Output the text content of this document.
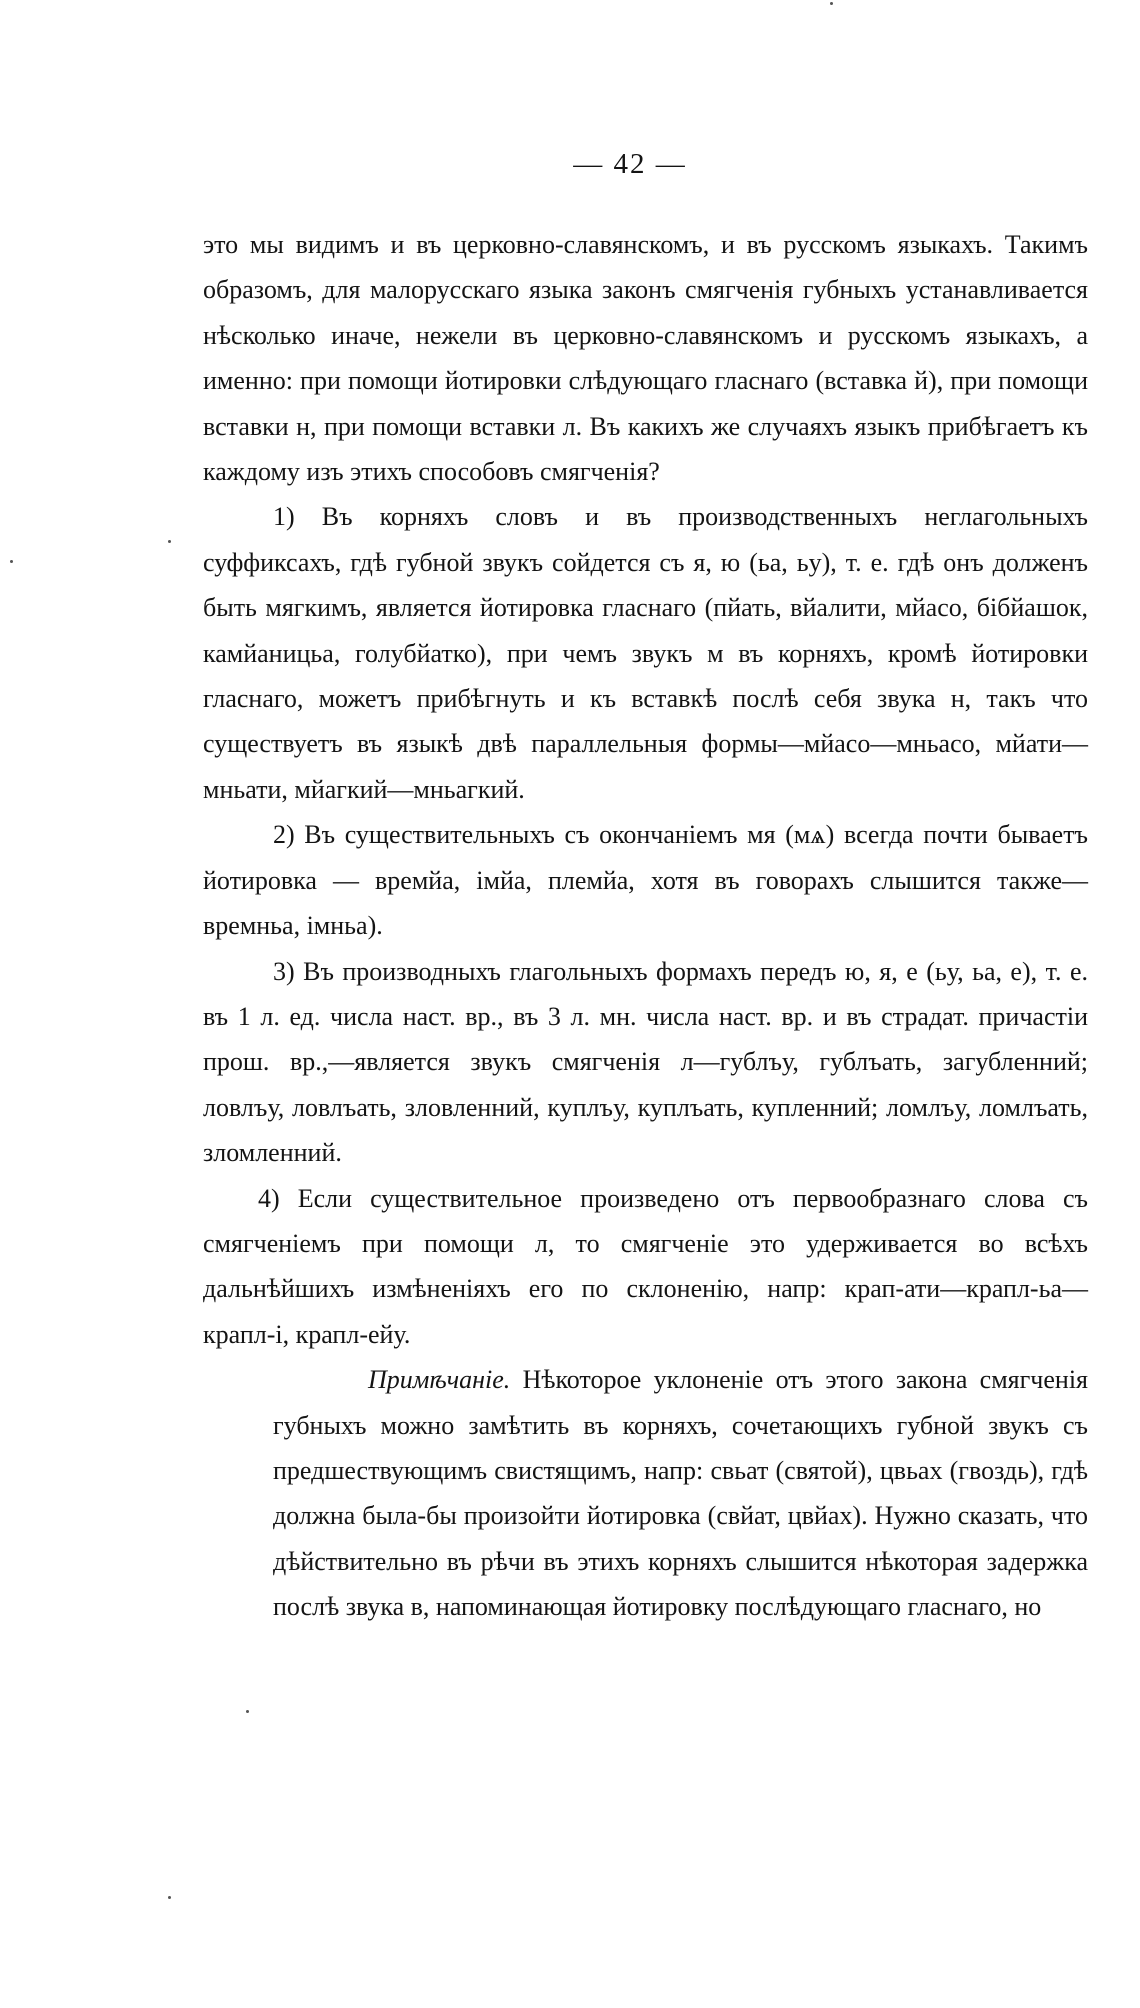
— 42 —

это мы видимъ и въ церковно-славянскомъ, и въ русскомъ языкахъ. Такимъ образомъ, для малорусскаго языка законъ смягченія губныхъ устанавливается нѣсколько иначе, нежели въ церковно-славянскомъ и русскомъ языкахъ, а именно: при помощи йотировки слѣдующаго гласнаго (вставка й), при помощи вставки н, при помощи вставки л. Въ какихъ же случаяхъ языкъ прибѣгаетъ къ каждому изъ этихъ способовъ смягченія?

1) Въ корняхъ словъ и въ производственныхъ неглагольныхъ суффиксахъ, гдѣ губной звукъ сойдется съ я, ю (ьа, ьу), т. е. гдѣ онъ долженъ быть мягкимъ, является йотировка гласнаго (пйать, вйалити, мйасо, бібйашок, камйаницьа, голубйатко), при чемъ звукъ м въ корняхъ, кромѣ йотировки гласнаго, можетъ прибѣгнуть и къ вставкѣ послѣ себя звука н, такъ что существуетъ въ языкѣ двѣ параллельныя формы—мйасо—мньасо, мйати—мньати, мйагкий—мньагкий.

2) Въ существительныхъ съ окончаніемъ мя (мѧ) всегда почти бываетъ йотировка — времйа, імйа, племйа, хотя въ говорахъ слышится также—времньа, імньа).

3) Въ производныхъ глагольныхъ формахъ передъ ю, я, е (ьу, ьа, е), т. е. въ 1 л. ед. числа наст. вр., въ 3 л. мн. числа наст. вр. и въ страдат. причастіи прош. вр.,—является звукъ смягченія л—гублъу, гублъать, загубленний; ловлъу, ловлъать, зловленний, куплъу, куплъать, купленний; ломлъу, ломлъать, зломленний.

4) Если существительное произведено отъ первообразнаго слова съ смягченіемъ при помощи л, то смягченіе это удерживается во всѣхъ дальнѣйшихъ измѣненіяхъ его по склоненію, напр: крап-ати—крапл-ьа—крапл-і, крапл-ейу.

Примѣчаніе. Нѣкоторое уклоненіе отъ этого закона смягченія губныхъ можно замѣтить въ корняхъ, сочетающихъ губной звукъ съ предшествующимъ свистящимъ, напр: свьат (святой), цвьах (гвоздь), гдѣ должна была-бы произойти йотировка (свйат, цвйах). Нужно сказать, что дѣйствительно въ рѣчи въ этихъ корняхъ слышится нѣкоторая задержка послѣ звука в, напоминающая йотировку послѣдующаго гласнаго, но
